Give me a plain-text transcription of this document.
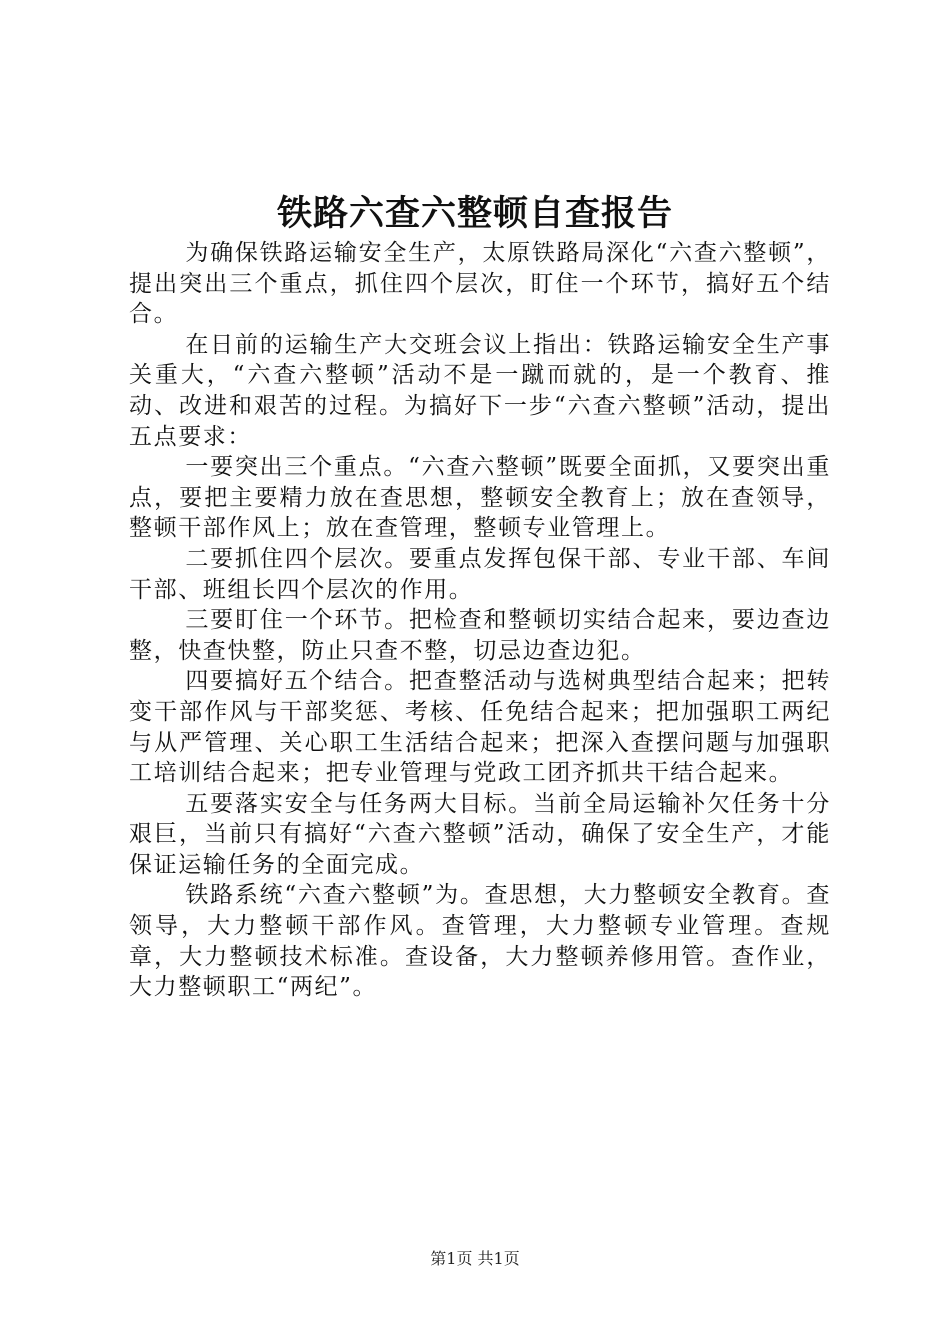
铁路六查六整顿自查报告

为确保铁路运输安全生产，太原铁路局深化“六查六整顿”，提出突出三个重点，抓住四个层次，盯住一个环节，搞好五个结合。

在日前的运输生产大交班会议上指出：铁路运输安全生产事关重大，“六查六整顿”活动不是一蹴而就的，是一个教育、推动、改进和艰苦的过程。为搞好下一步“六查六整顿”活动，提出五点要求：

一要突出三个重点。“六查六整顿”既要全面抓，又要突出重点，要把主要精力放在查思想，整顿安全教育上；放在查领导，整顿干部作风上；放在查管理，整顿专业管理上。

二要抓住四个层次。要重点发挥包保干部、专业干部、车间干部、班组长四个层次的作用。

三要盯住一个环节。把检查和整顿切实结合起来，要边查边整，快查快整，防止只查不整，切忌边查边犯。

四要搞好五个结合。把查整活动与选树典型结合起来；把转变干部作风与干部奖惩、考核、任免结合起来；把加强职工两纪与从严管理、关心职工生活结合起来；把深入查摆问题与加强职工培训结合起来；把专业管理与党政工团齐抓共干结合起来。

五要落实安全与任务两大目标。当前全局运输补欠任务十分艰巨，当前只有搞好“六查六整顿”活动，确保了安全生产，才能保证运输任务的全面完成。

铁路系统“六查六整顿”为。查思想，大力整顿安全教育。查领导，大力整顿干部作风。查管理，大力整顿专业管理。查规章，大力整顿技术标准。查设备，大力整顿养修用管。查作业，大力整顿职工“两纪”。

第1页 共1页
